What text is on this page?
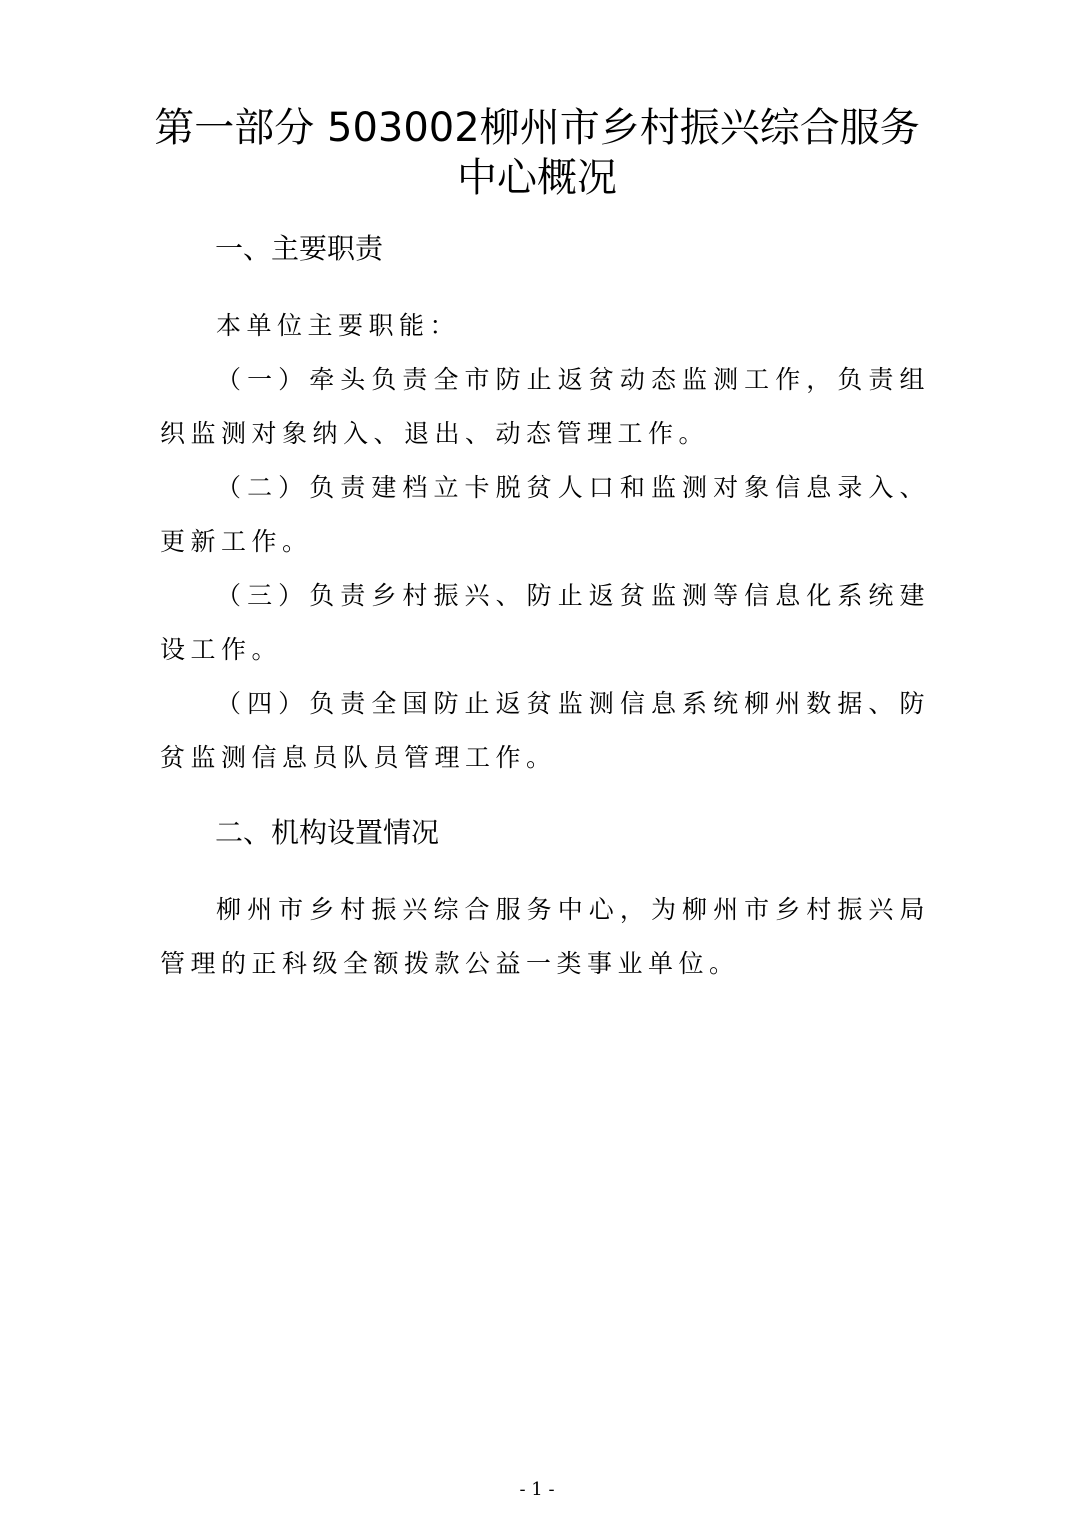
第一部分 503002柳州市乡村振兴综合服务
中心概况
一、主要职责

本单位主要职能：

（一）牵头负责全市防止返贫动态监测工作，负责组织监测对象纳入、退出、动态管理工作。

（二）负责建档立卡脱贫人口和监测对象信息录入、更新工作。

（三）负责乡村振兴、防止返贫监测等信息化系统建设工作。

（四）负责全国防止返贫监测信息系统柳州数据、防贫监测信息员队员管理工作。

二、机构设置情况

柳州市乡村振兴综合服务中心，为柳州市乡村振兴局管理的正科级全额拨款公益一类事业单位。

- 1 -
